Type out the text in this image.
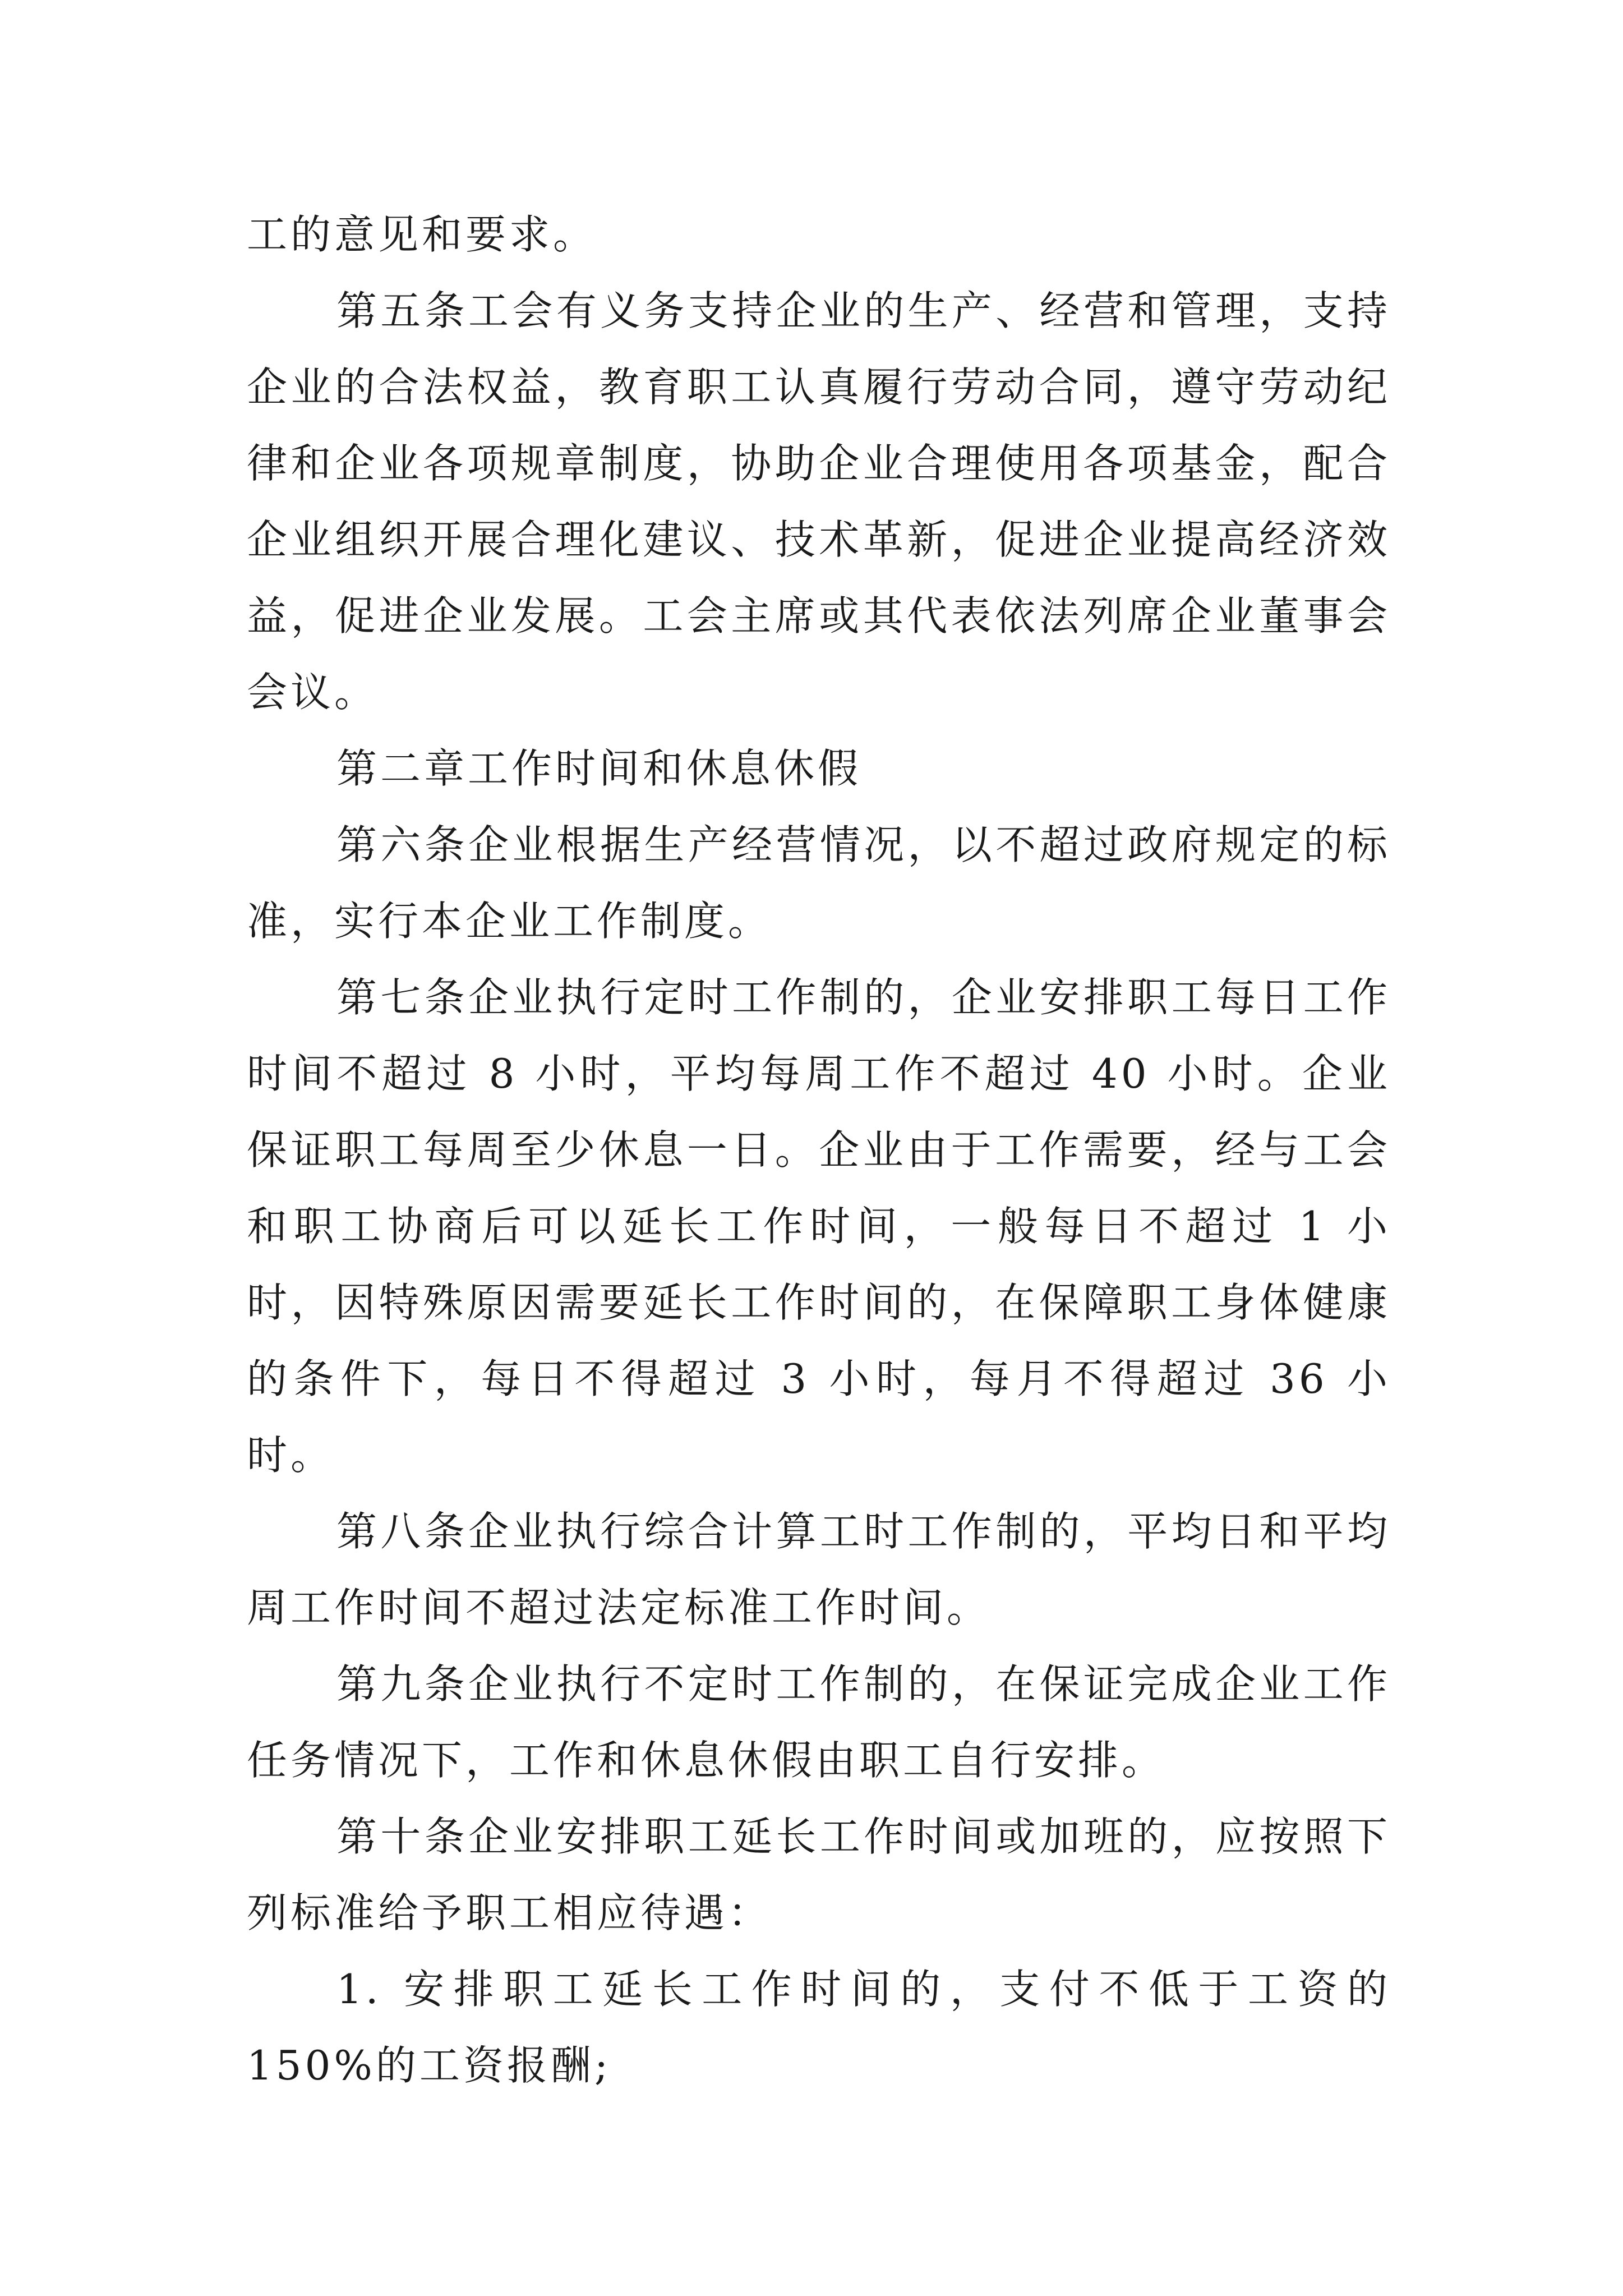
工的意见和要求。

第五条工会有义务支持企业的生产、经营和管理，支持企业的合法权益，教育职工认真履行劳动合同，遵守劳动纪律和企业各项规章制度，协助企业合理使用各项基金，配合企业组织开展合理化建议、技术革新，促进企业提高经济效益，促进企业发展。工会主席或其代表依法列席企业董事会会议。

第二章工作时间和休息休假

第六条企业根据生产经营情况，以不超过政府规定的标准，实行本企业工作制度。

第七条企业执行定时工作制的，企业安排职工每日工作时间不超过 8 小时，平均每周工作不超过 40 小时。企业保证职工每周至少休息一日。企业由于工作需要，经与工会和职工协商后可以延长工作时间，一般每日不超过 1 小时，因特殊原因需要延长工作时间的，在保障职工身体健康的条件下，每日不得超过 3 小时，每月不得超过 36 小时。

第八条企业执行综合计算工时工作制的，平均日和平均周工作时间不超过法定标准工作时间。

第九条企业执行不定时工作制的，在保证完成企业工作任务情况下，工作和休息休假由职工自行安排。

第十条企业安排职工延长工作时间或加班的，应按照下列标准给予职工相应待遇：

1. 安排职工延长工作时间的，支付不低于工资的 150%的工资报酬;
